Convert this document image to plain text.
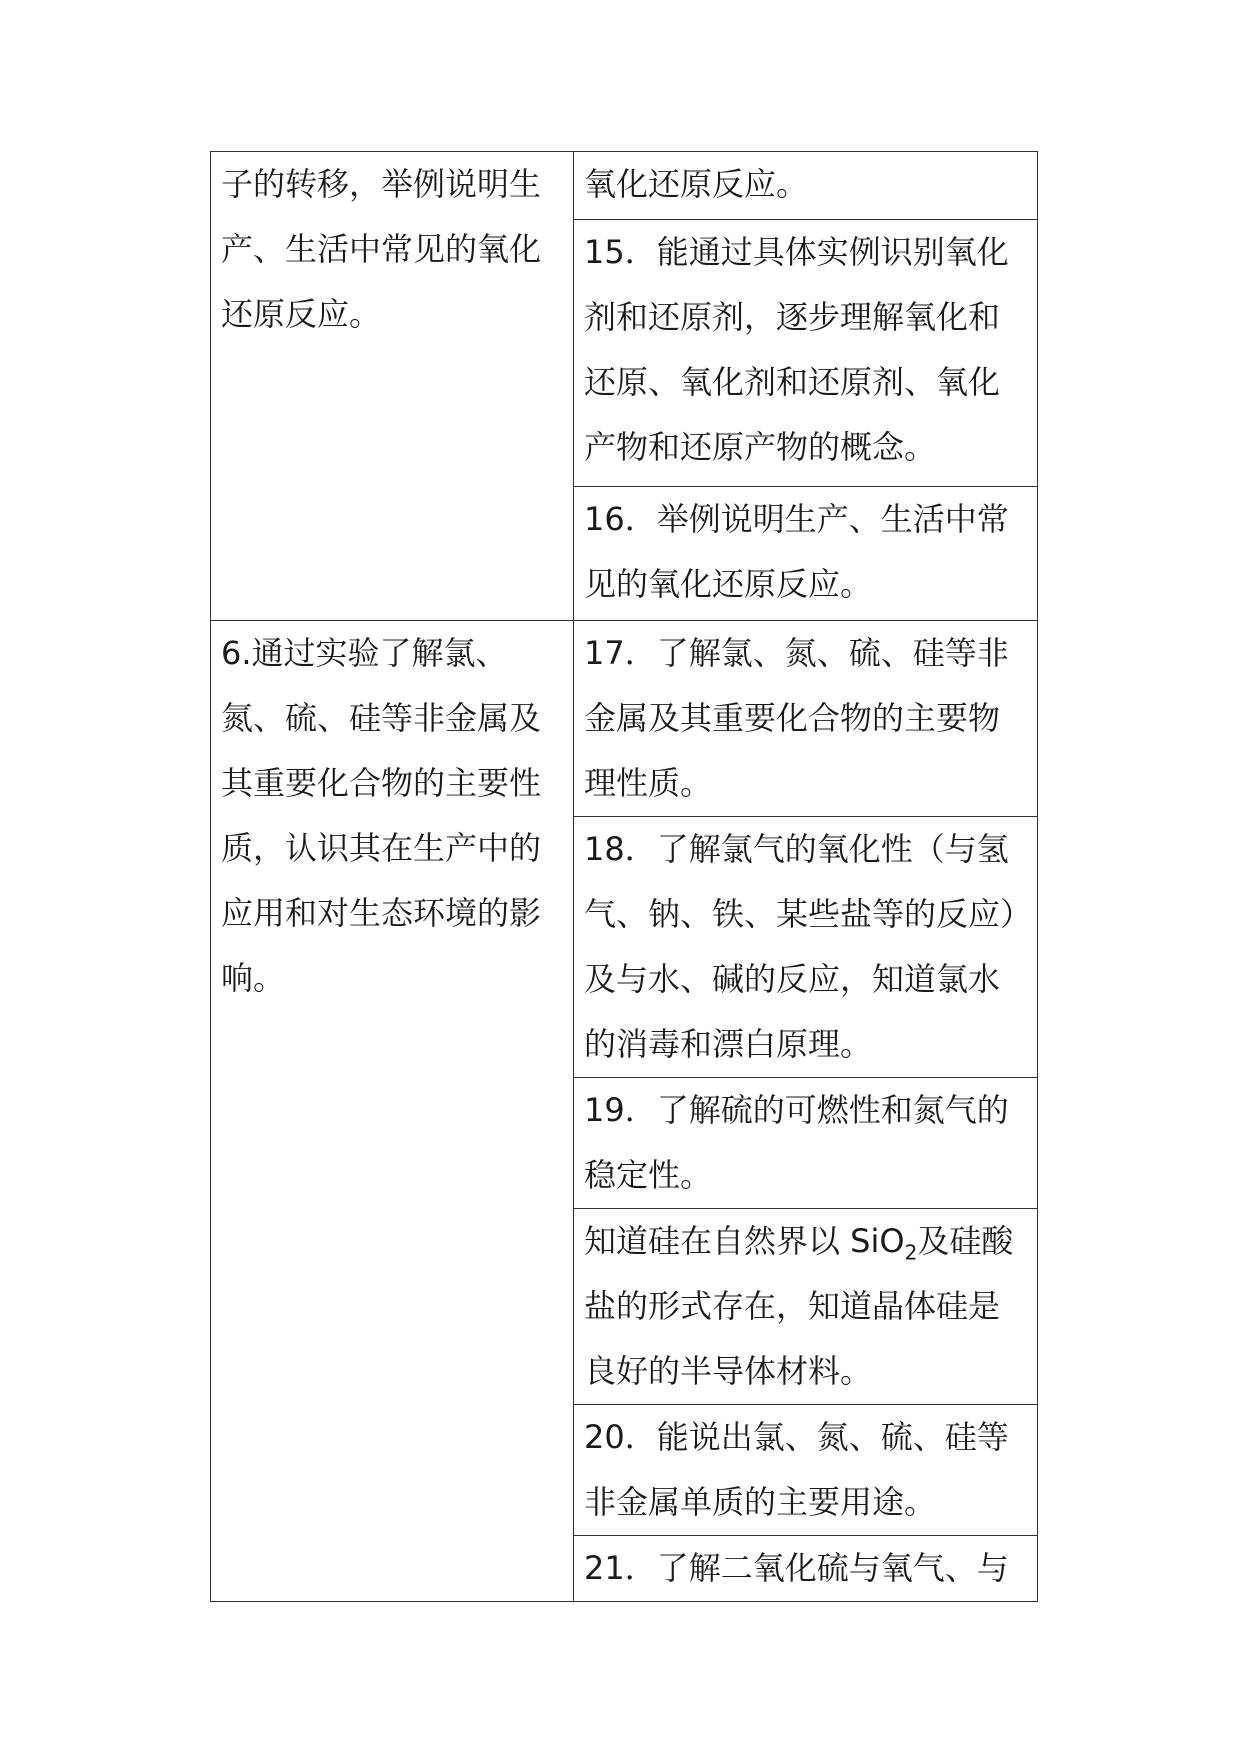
子的转移，举例说明生产、生活中常见的氧化还原反应。	氧化还原反应。

	15．能通过具体实例识别氧化剂和还原剂，逐步理解氧化和还原、氧化剂和还原剂、氧化产物和还原产物的概念。

	16．举例说明生产、生活中常见的氧化还原反应。

6.通过实验了解氯、氮、硫、硅等非金属及其重要化合物的主要性质，认识其在生产中的应用和对生态环境的影响。	17．了解氯、氮、硫、硅等非金属及其重要化合物的主要物理性质。

	18．了解氯气的氧化性（与氢气、钠、铁、某些盐等的反应）及与水、碱的反应，知道氯水的消毒和漂白原理。

	19．了解硫的可燃性和氮气的稳定性。

	知道硅在自然界以 SiO$_2$及硅酸盐的形式存在，知道晶体硅是良好的半导体材料。

	20．能说出氯、氮、硫、硅等非金属单质的主要用途。

	21．了解二氧化硫与氧气、与
